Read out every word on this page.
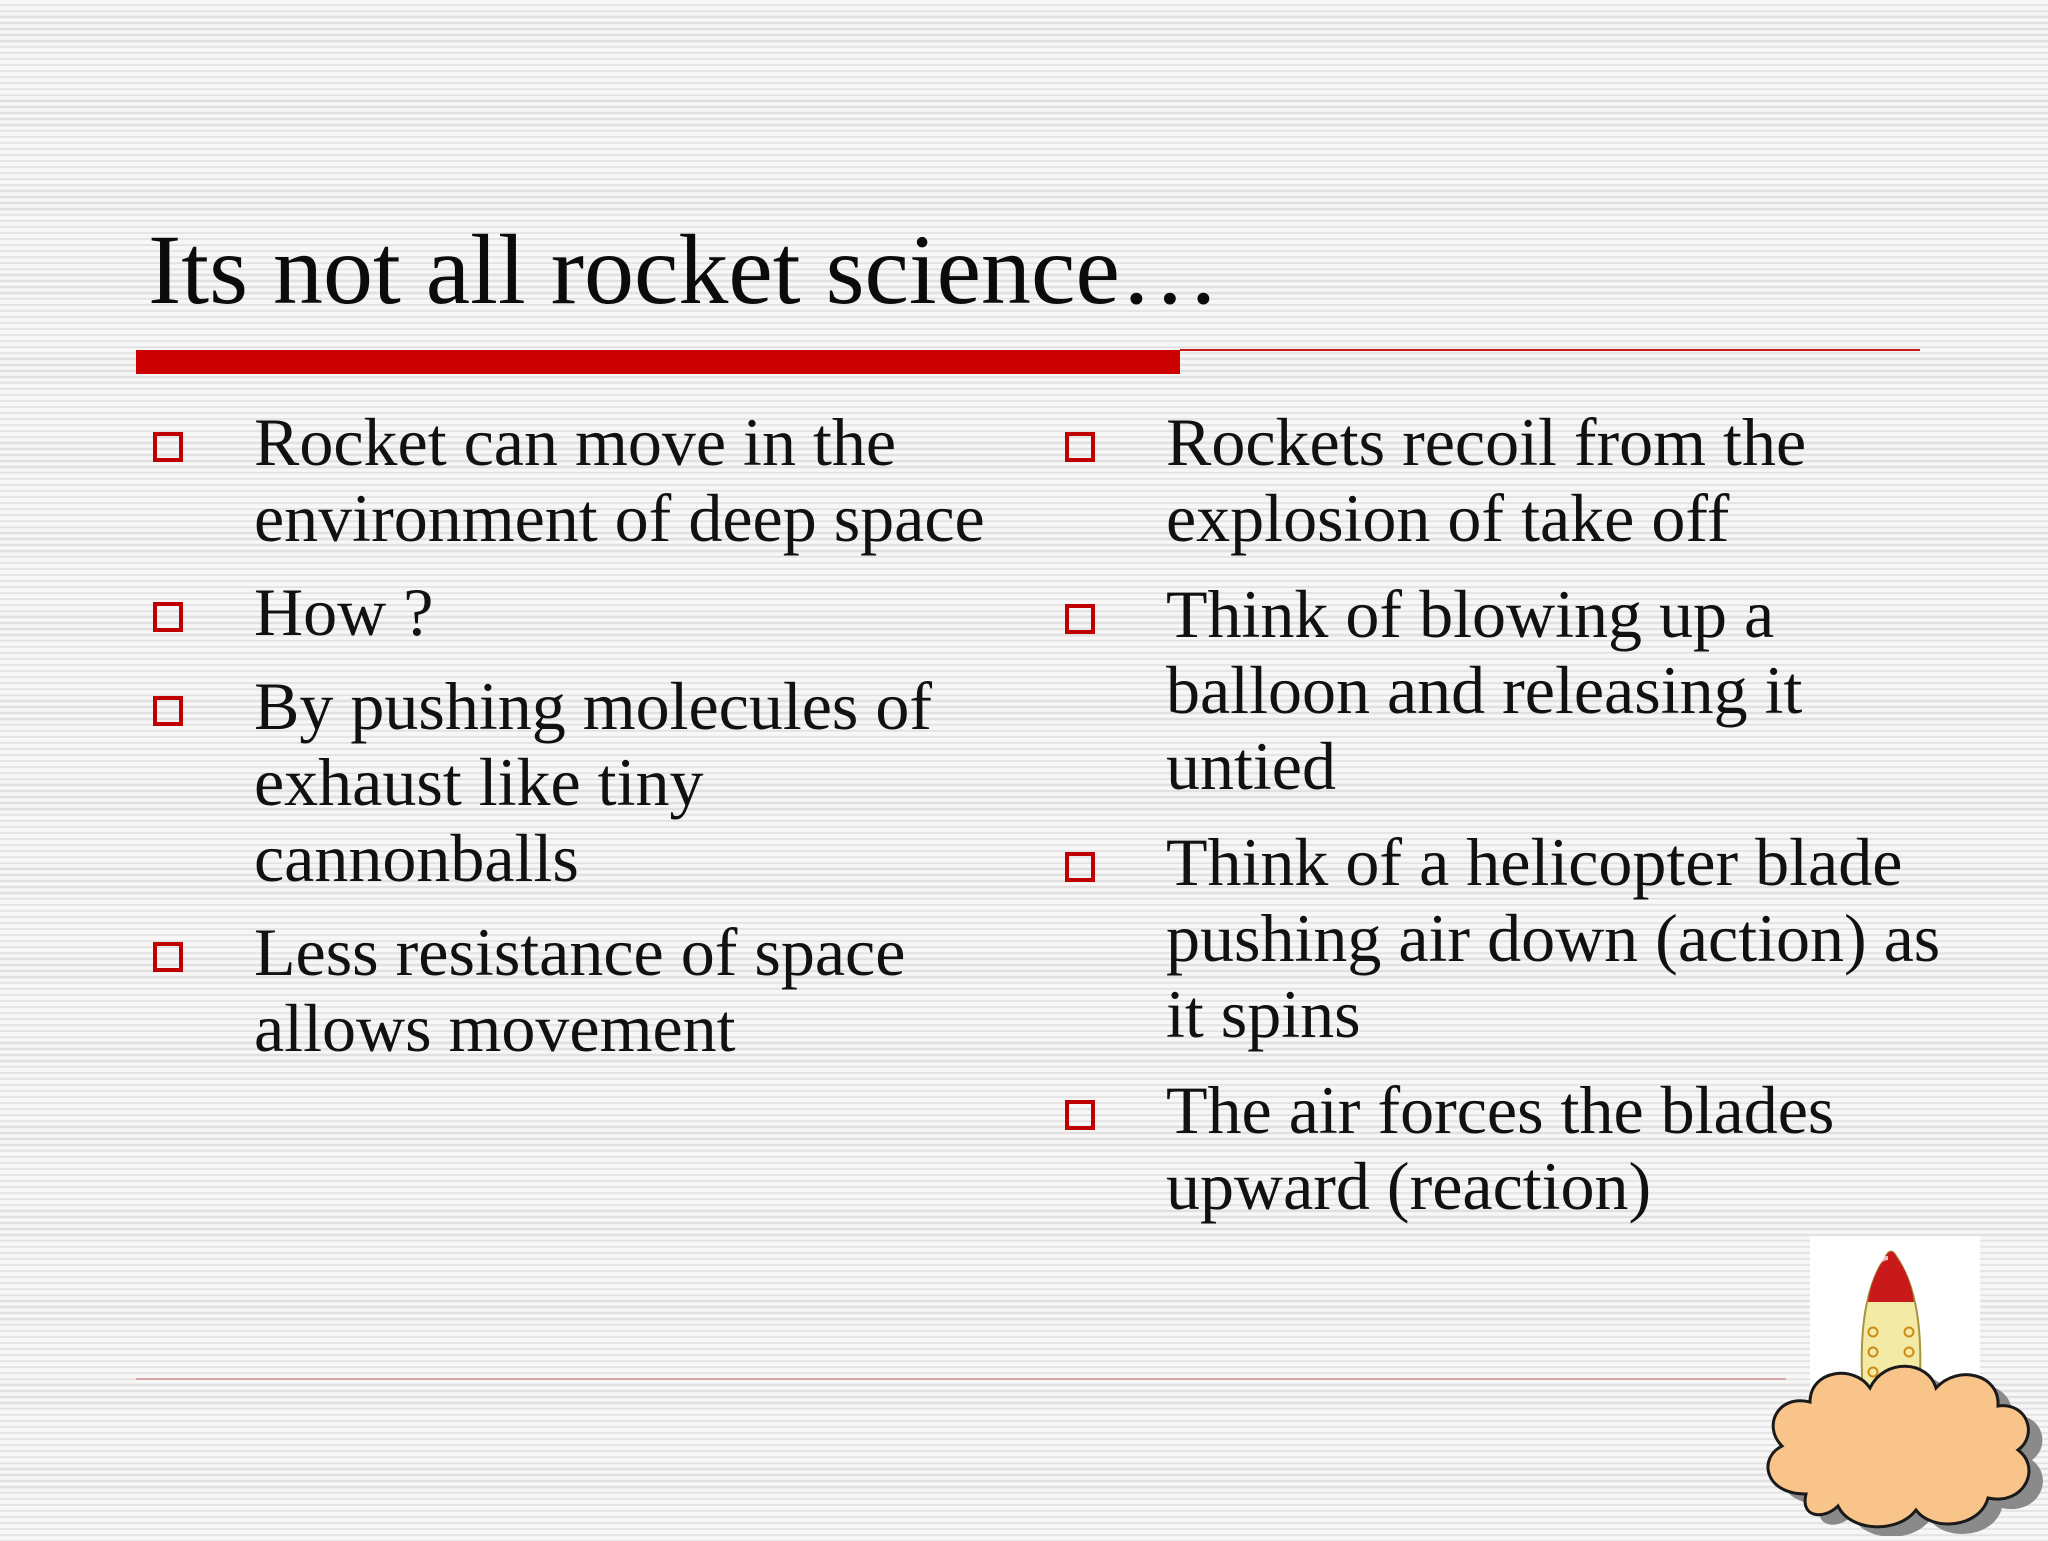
Its not all rocket science…
Rocket can move in the environment of deep space
How ?
By pushing molecules of exhaust like tiny cannonballs
Less resistance of space allows movement
Rockets recoil from the explosion of take off
Think of blowing up a balloon and releasing it untied
Think of a helicopter blade pushing air down (action) as it spins
The air forces the blades upward (reaction)
